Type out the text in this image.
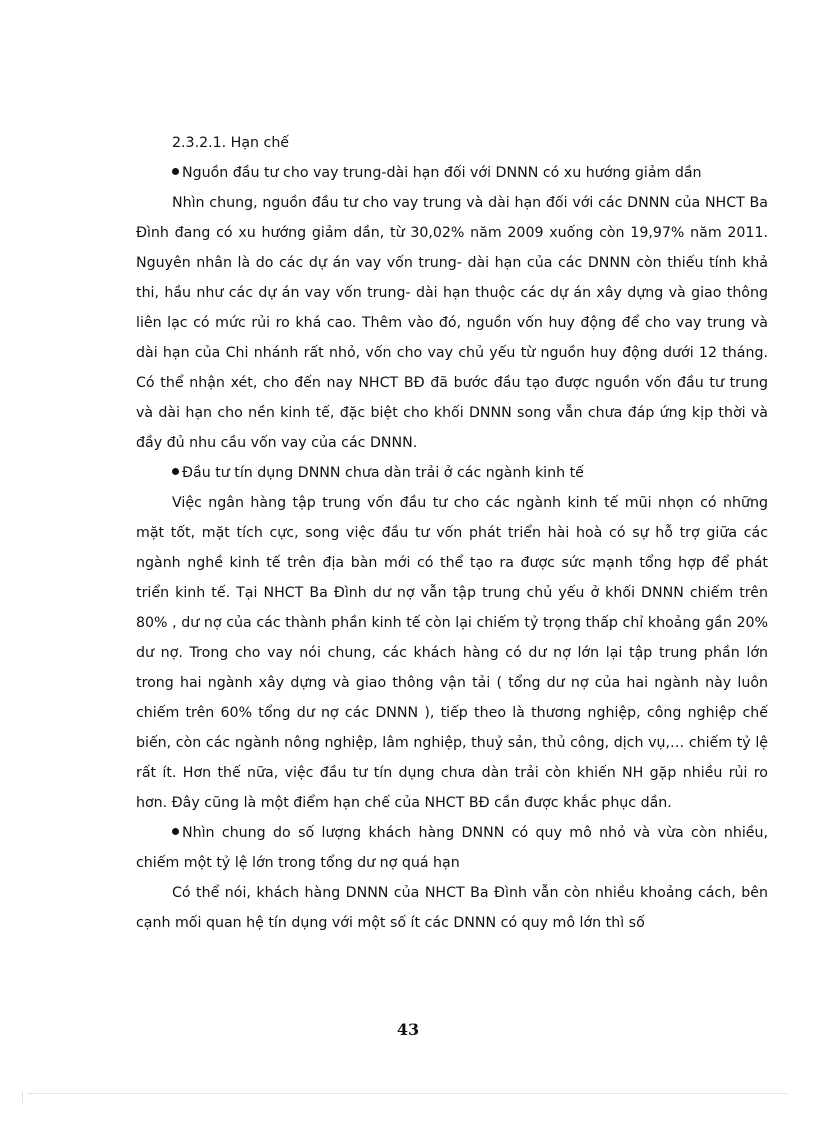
2.3.2.1. Hạn chế

Nguồn đầu tư cho vay trung-dài hạn đối với DNNN có xu hướng giảm dần

Nhìn chung, nguồn đầu tư cho vay trung và dài hạn đối với các DNNN của NHCT Ba Đình đang có xu hướng giảm dần, từ 30,02% năm 2009 xuống còn 19,97% năm 2011. Nguyên nhân là do các dự án vay vốn trung- dài hạn của các DNNN còn thiếu tính khả thi, hầu như các dự án vay vốn trung- dài hạn thuộc các dự án xây dựng và giao thông liên lạc có mức rủi ro khá cao. Thêm vào đó, nguồn vốn huy động để cho vay trung và dài hạn của Chi nhánh rất nhỏ, vốn cho vay chủ yếu từ nguồn huy động dưới 12 tháng. Có thể nhận xét, cho đến nay NHCT BĐ đã bước đầu tạo được nguồn vốn đầu tư trung và dài hạn cho nền kinh tế, đặc biệt cho khối DNNN song vẫn chưa đáp ứng kịp thời và đầy đủ nhu cầu vốn vay của các DNNN.

Đầu tư tín dụng DNNN chưa dàn trải ở các ngành kinh tế

Việc ngân hàng tập trung vốn đầu tư cho các ngành kinh tế mũi nhọn có những mặt tốt, mặt tích cực, song việc đầu tư vốn phát triển hài hoà có sự hỗ trợ giữa các ngành nghề kinh tế trên địa bàn mới có thể tạo ra được sức mạnh tổng hợp để phát triển kinh tế. Tại NHCT Ba Đình dư nợ vẫn tập trung chủ yếu ở khối DNNN chiếm trên 80% , dư nợ của các thành phần kinh tế còn lại chiếm tỷ trọng thấp chỉ khoảng gần 20% dư nợ. Trong cho vay nói chung, các khách hàng có dư nợ lớn lại tập trung phần lớn trong hai ngành xây dựng và giao thông vận tải ( tổng dư nợ của hai ngành này luôn chiếm trên 60% tổng dư nợ các DNNN ), tiếp theo là thương nghiệp, công nghiệp chế biến, còn các ngành nông nghiệp, lâm nghiệp, thuỷ sản, thủ công, dịch vụ,… chiếm tỷ lệ rất ít. Hơn thế nữa, việc đầu tư tín dụng chưa dàn trải còn khiến NH gặp nhiều rủi ro hơn. Đây cũng là một điểm hạn chế của NHCT BĐ cần được khắc phục dần.

Nhìn chung do số lượng khách hàng DNNN có quy mô nhỏ và vừa còn nhiều, chiếm một tỷ lệ lớn trong tổng dư nợ quá hạn

Có thể nói, khách hàng DNNN của NHCT Ba Đình vẫn còn nhiều khoảng cách, bên cạnh mối quan hệ tín dụng với một số ít các DNNN có quy mô lớn thì số

43
